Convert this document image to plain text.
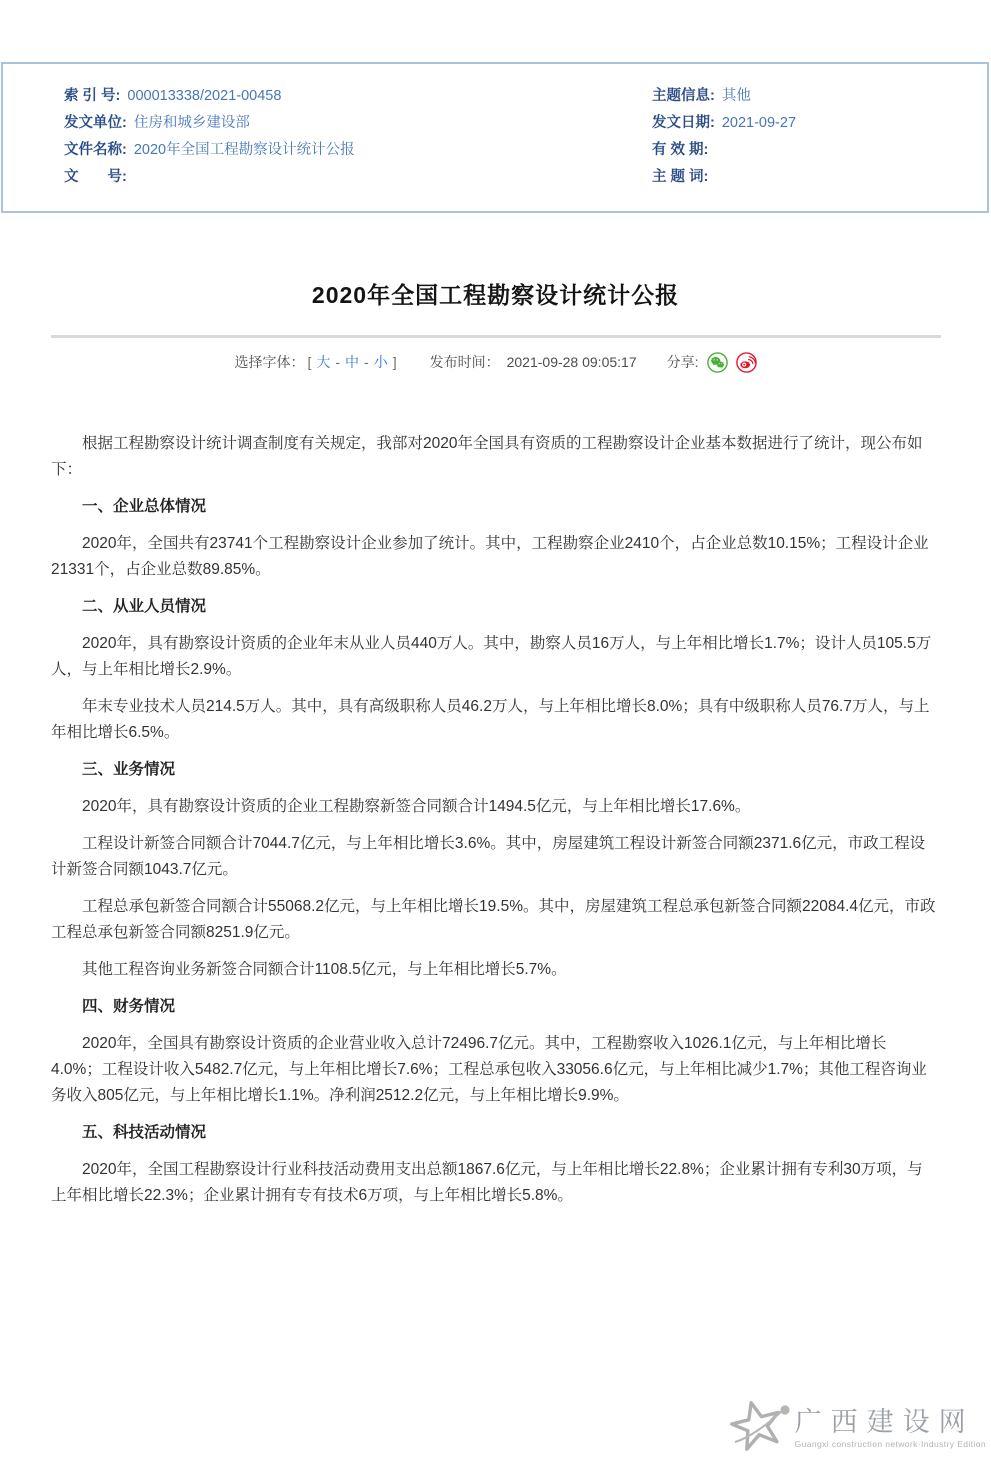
索 引 号: 000013338/2021-00458
发文单位: 住房和城乡建设部
文件名称: 2020年全国工程勘察设计统计公报
文　　号:
主题信息: 其他
发文日期: 2021-09-27
有 效 期:
主 题 词:
2020年全国工程勘察设计统计公报
选择字体： [ 大 - 中 - 小 ] 发布时间： 2021-09-28 09:05:17 分享:

根据工程勘察设计统计调查制度有关规定，我部对2020年全国具有资质的工程勘察设计企业基本数据进行了统计，现公布如下：

一、企业总体情况

2020年，全国共有23741个工程勘察设计企业参加了统计。其中，工程勘察企业2410个，占企业总数10.15%；工程设计企业21331个，占企业总数89.85%。

二、从业人员情况

2020年，具有勘察设计资质的企业年末从业人员440万人。其中，勘察人员16万人，与上年相比增长1.7%；设计人员105.5万人，与上年相比增长2.9%。

年末专业技术人员214.5万人。其中，具有高级职称人员46.2万人，与上年相比增长8.0%；具有中级职称人员76.7万人，与上年相比增长6.5%。

三、业务情况

2020年，具有勘察设计资质的企业工程勘察新签合同额合计1494.5亿元，与上年相比增长17.6%。

工程设计新签合同额合计7044.7亿元，与上年相比增长3.6%。其中，房屋建筑工程设计新签合同额2371.6亿元，市政工程设计新签合同额1043.7亿元。

工程总承包新签合同额合计55068.2亿元，与上年相比增长19.5%。其中，房屋建筑工程总承包新签合同额22084.4亿元，市政工程总承包新签合同额8251.9亿元。

其他工程咨询业务新签合同额合计1108.5亿元，与上年相比增长5.7%。

四、财务情况

2020年，全国具有勘察设计资质的企业营业收入总计72496.7亿元。其中，工程勘察收入1026.1亿元，与上年相比增长4.0%；工程设计收入5482.7亿元，与上年相比增长7.6%；工程总承包收入33056.6亿元，与上年相比减少1.7%；其他工程咨询业务收入805亿元，与上年相比增长1.1%。净利润2512.2亿元，与上年相比增长9.9%。

五、科技活动情况

2020年，全国工程勘察设计行业科技活动费用支出总额1867.6亿元，与上年相比增长22.8%；企业累计拥有专利30万项，与上年相比增长22.3%；企业累计拥有专有技术6万项，与上年相比增长5.8%。

广西建设网
Guangxi construction network·Industry Edition
